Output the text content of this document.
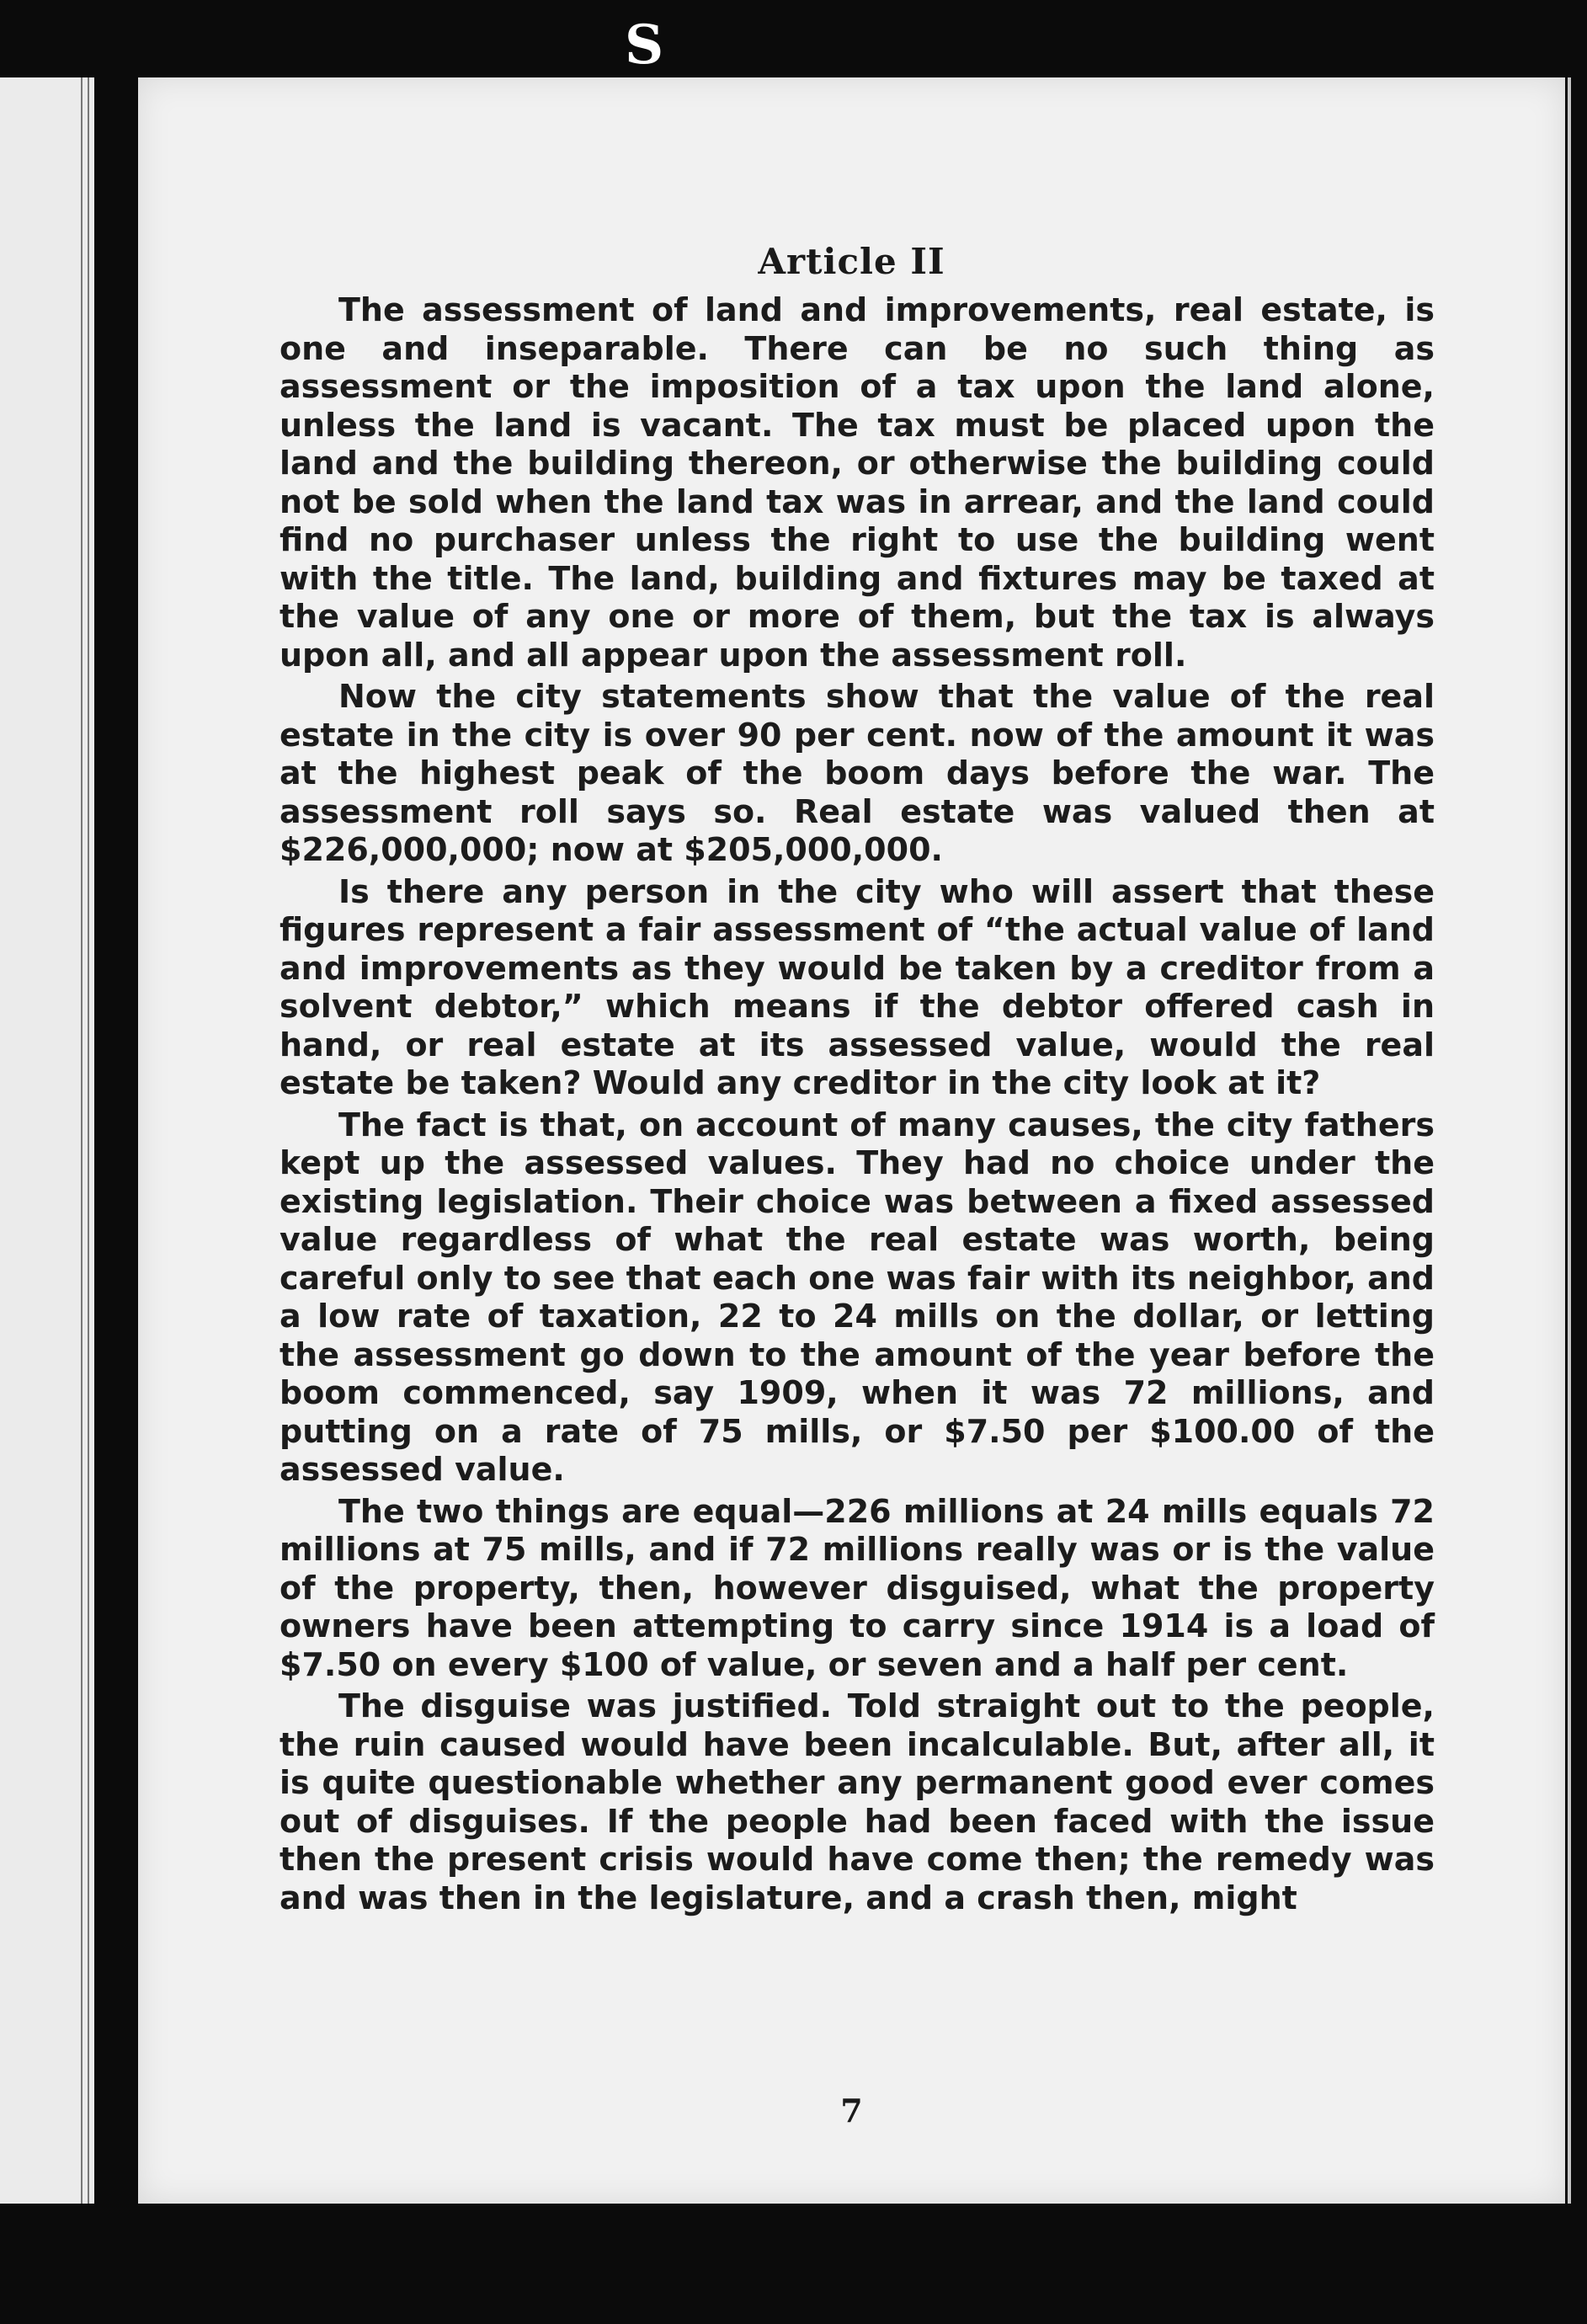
S
Article II

The assessment of land and improvements, real estate, is one and inseparable. There can be no such thing as assessment or the imposition of a tax upon the land alone, unless the land is vacant. The tax must be placed upon the land and the building thereon, or otherwise the building could not be sold when the land tax was in arrear, and the land could find no purchaser unless the right to use the building went with the title. The land, building and fixtures may be taxed at the value of any one or more of them, but the tax is always upon all, and all appear upon the assessment roll.

Now the city statements show that the value of the real estate in the city is over 90 per cent. now of the amount it was at the highest peak of the boom days before the war. The assessment roll says so. Real estate was valued then at $226,000,000; now at $205,000,000.

Is there any person in the city who will assert that these figures represent a fair assessment of “the actual value of land and improvements as they would be taken by a creditor from a solvent debtor,” which means if the debtor offered cash in hand, or real estate at its assessed value, would the real estate be taken? Would any creditor in the city look at it?

The fact is that, on account of many causes, the city fathers kept up the assessed values. They had no choice under the existing legislation. Their choice was between a fixed assessed value regardless of what the real estate was worth, being careful only to see that each one was fair with its neighbor, and a low rate of taxation, 22 to 24 mills on the dollar, or letting the assessment go down to the amount of the year before the boom commenced, say 1909, when it was 72 millions, and putting on a rate of 75 mills, or $7.50 per $100.00 of the assessed value.

The two things are equal—226 millions at 24 mills equals 72 millions at 75 mills, and if 72 millions really was or is the value of the property, then, however disguised, what the property owners have been attempting to carry since 1914 is a load of $7.50 on every $100 of value, or seven and a half per cent.

The disguise was justified. Told straight out to the people, the ruin caused would have been incalculable. But, after all, it is quite questionable whether any permanent good ever comes out of disguises. If the people had been faced with the issue then the present crisis would have come then; the remedy was and was then in the legislature, and a crash then, might

7
